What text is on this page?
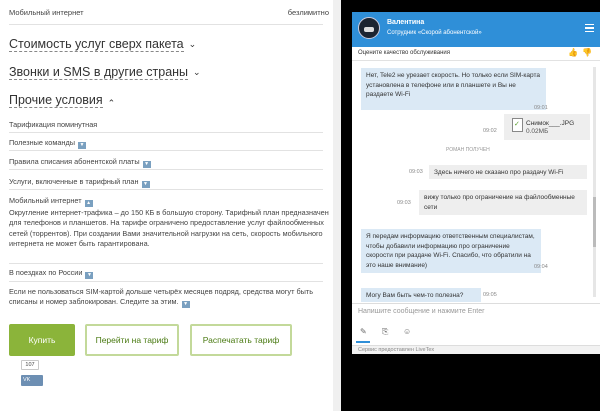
Мобильный интернет	безлимитно
Стоимость услуг сверх пакета ⌄
Звонки и SMS в другие страны ⌄
Прочие условия ⌃
Тарификация поминутная
Полезные команды ▼
Правила списания абонентской платы ▼
Услуги, включенные в тарифный план ▼
Мобильный интернет ▲
Округление интернет-трафика – до 150 КБ в большую сторону. Тарифный план предназначен для телефонов и планшетов. На тарифе ограничено предоставление услуг файлообменных сетей (торрентов). При создании Вами значительной нагрузки на сеть, скорость мобильного интернета не может быть гарантирована.
В поездках по России ▼
Если не пользоваться SIM-картой дольше четырёх месяцев подряд, средства могут быть списаны и номер заблокирован. Следите за этим. ▼
Купить	Перейти на тариф	Распечатать тариф
107
VK
Валентина
Сотрудник «Скорой абонентской»
Оцените качество обслуживания	👍 👎
Нет, Tele2 не урезает скорость. Но только если SIM-карта установлена в телефоне или в планшете и Вы не раздаете Wi-Fi
09:01
Снимок___.JPG
0.02МБ
✓
09:02
РОМАН ПОЛУЧЕН
Здесь ничего не сказано про раздачу Wi-Fi
09:03
вижу только про ограничение на файлообменные сети
09:03
Я передам информацию ответственным специалистам, чтобы добавили информацию про ограничение скорости при раздаче Wi-Fi. Спасибо, что обратили на это наше внимание)	09:04
Могу Вам быть чем-то полезна?	09:05
Напишите сообщение и нажмите Enter
✎ ⎘ ☺
Сервис предоставлен LiveTex
